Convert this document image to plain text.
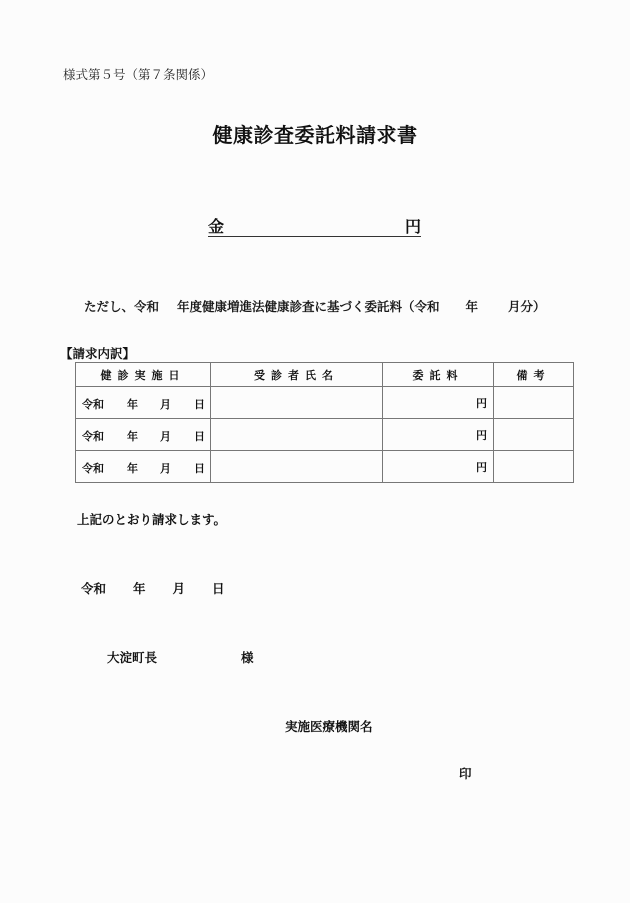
様式第５号（第７条関係）
健康診査委託料請求書
金	円
ただし、令和 年度健康増進法健康診査に基づく委託料（令和 年 月分）
【請求内訳】
健診実施日	受診者氏名	委託料	備考

令和 年 月 日		円	

令和 年 月 日		円	

令和 年 月 日		円	
上記のとおり請求します。
令和 年 月 日
大淀町長	様
実施医療機関名
印
